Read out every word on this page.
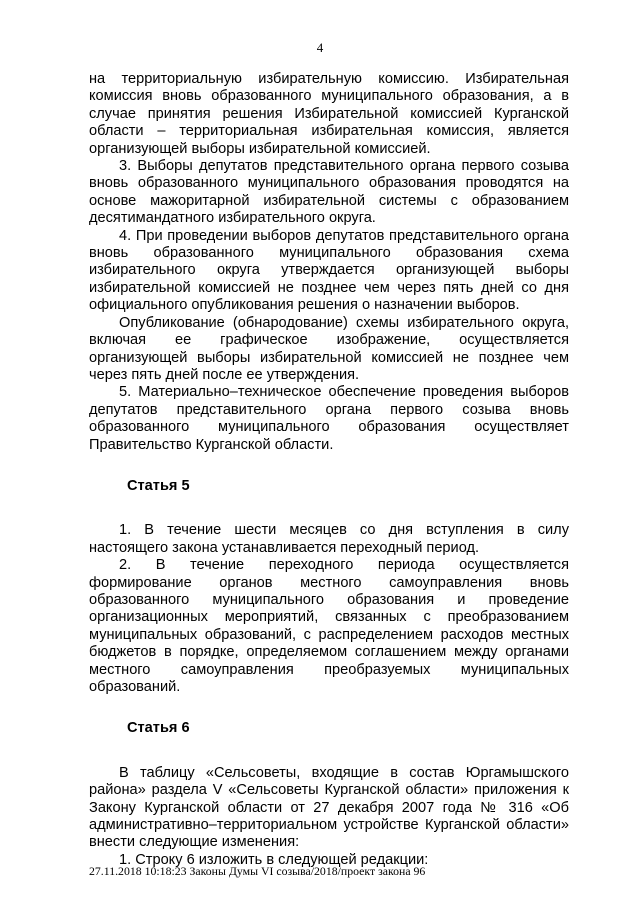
4

на территориальную избирательную комиссию. Избирательная комиссия вновь образованного муниципального образования, а в случае принятия решения Избирательной комиссией Курганской области – территориальная избирательная комиссия, является организующей выборы избирательной комиссией.

3. Выборы депутатов представительного органа первого созыва вновь образованного муниципального образования проводятся на основе мажоритарной избирательной системы с образованием десятимандатного избирательного округа.

4. При проведении выборов депутатов представительного органа вновь образованного муниципального образования схема избирательного округа утверждается организующей выборы избирательной комиссией не позднее чем через пять дней со дня официального опубликования решения о назначении выборов.

Опубликование (обнародование) схемы избирательного округа, включая ее графическое изображение, осуществляется организующей выборы избирательной комиссией не позднее чем через пять дней после ее утверждения.

5. Материально–техническое обеспечение проведения выборов депутатов представительного органа первого созыва вновь образованного муниципального образования осуществляет Правительство Курганской области.

Статья 5

1. В течение шести месяцев со дня вступления в силу настоящего закона устанавливается переходный период.

2. В течение переходного периода осуществляется формирование органов местного самоуправления вновь образованного муниципального образования и проведение организационных мероприятий, связанных с преобразованием муниципальных образований, с распределением расходов местных бюджетов в порядке, определяемом соглашением между органами местного самоуправления преобразуемых муниципальных образований.

Статья 6

В таблицу «Сельсоветы, входящие в состав Юргамышского района» раздела V «Сельсоветы Курганской области» приложения к Закону Курганской области от 27 декабря 2007 года № 316 «Об административно–территориальном устройстве Курганской области» внести следующие изменения:

1. Строку 6 изложить в следующей редакции:

27.11.2018 10:18:23 Законы Думы VI созыва/2018/проект закона 96
